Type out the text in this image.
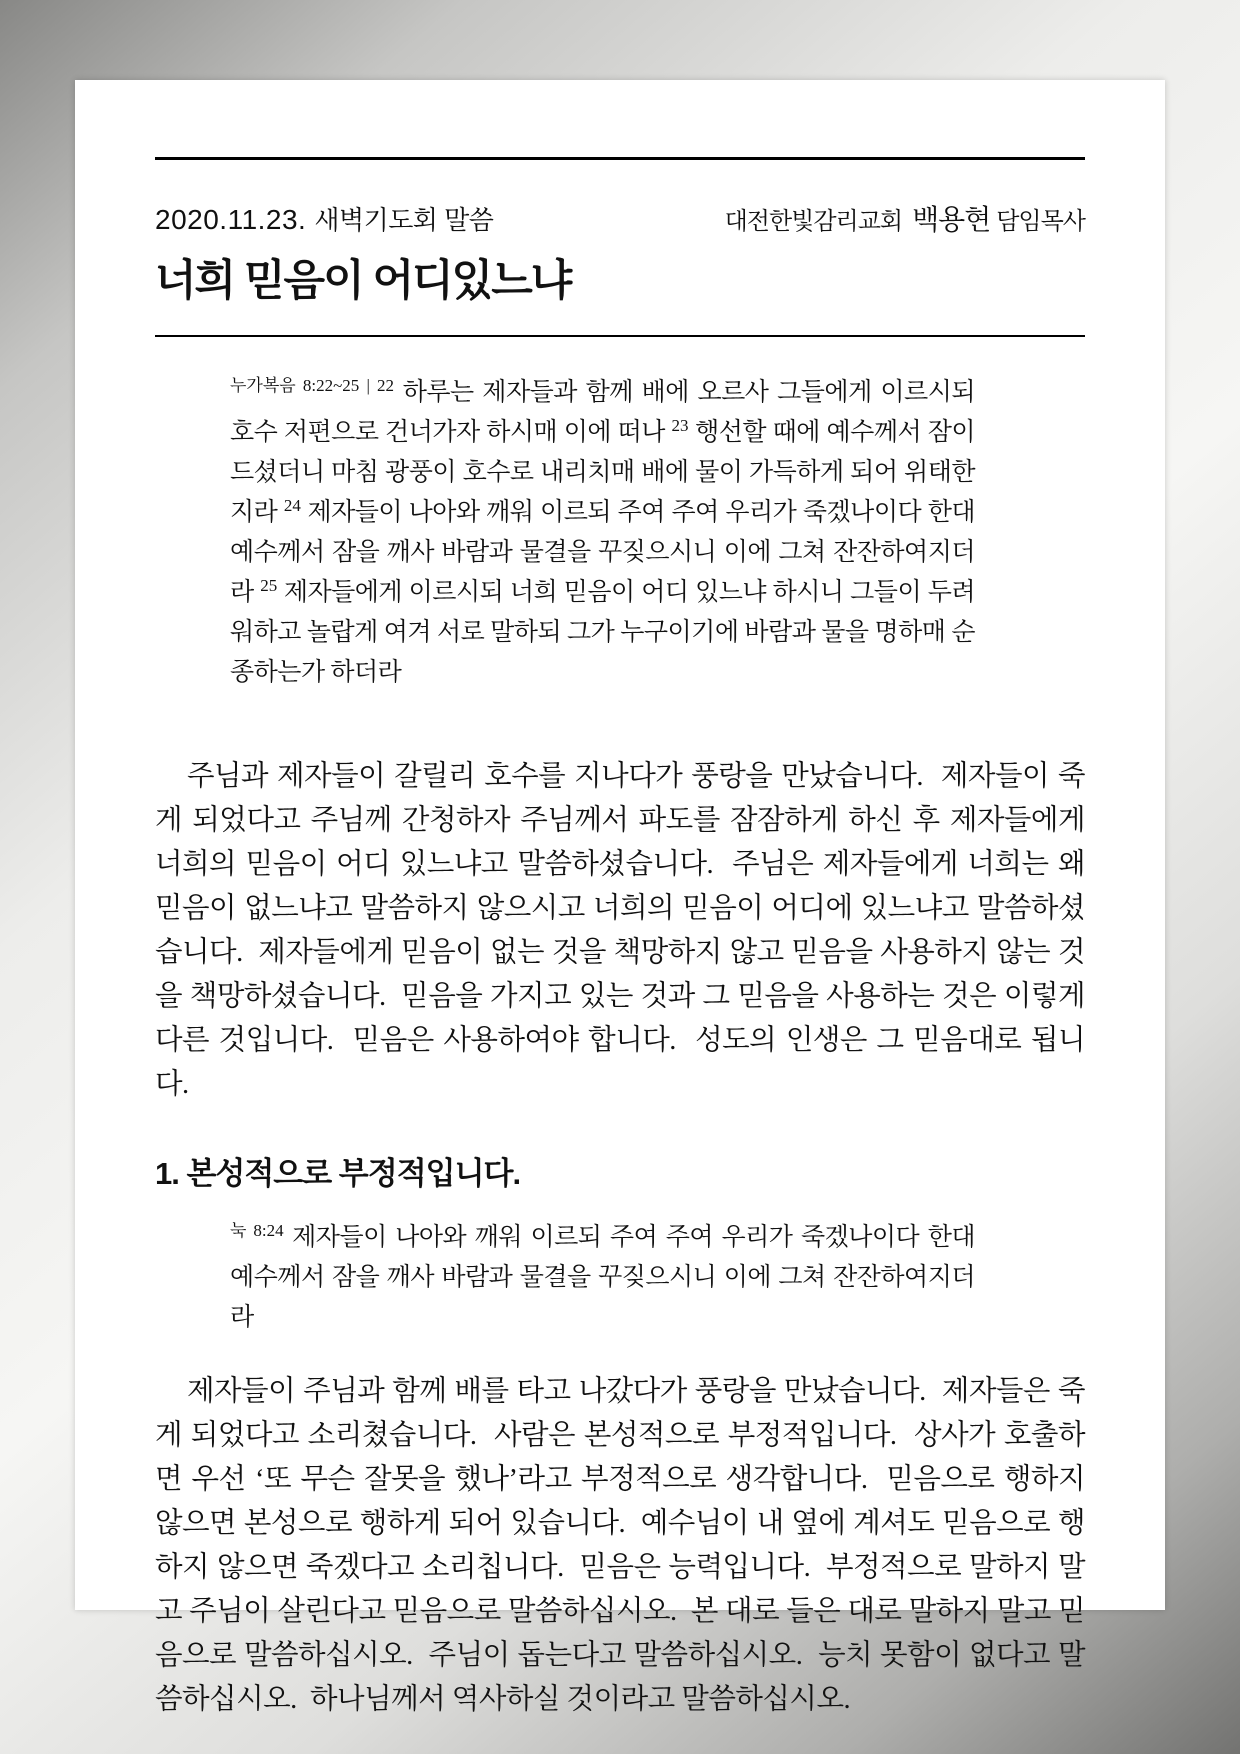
2020.11.23. 새벽기도회 말씀	대전한빛감리교회 백용현 담임목사
너희 믿음이 어디있느냐
$^{누가복음 8:22\sim 25 | 22}$ 하루는 제자들과 함께 배에 오르사 그들에게 이르시되 호수 저편으로 건너가자 하시매 이에 떠나 $^{23}$ 행선할 때에 예수께서 잠이 드셨더니 마침 광풍이 호수로 내리치매 배에 물이 가득하게 되어 위태한지라 $^{24}$ 제자들이 나아와 깨워 이르되 주여 주여 우리가 죽겠나이다 한대 예수께서 잠을 깨사 바람과 물결을 꾸짖으시니 이에 그쳐 잔잔하여지더라 $^{25}$ 제자들에게 이르시되 너희 믿음이 어디 있느냐 하시니 그들이 두려워하고 놀랍게 여겨 서로 말하되 그가 누구이기에 바람과 물을 명하매 순종하는가 하더라

주님과 제자들이 갈릴리 호수를 지나다가 풍랑을 만났습니다.  제자들이 죽게 되었다고 주님께 간청하자 주님께서 파도를 잠잠하게 하신 후 제자들에게 너희의 믿음이 어디 있느냐고 말씀하셨습니다.  주님은 제자들에게 너희는 왜 믿음이 없느냐고 말씀하지 않으시고 너희의 믿음이 어디에 있느냐고 말씀하셨습니다.  제자들에게 믿음이 없는 것을 책망하지 않고 믿음을 사용하지 않는 것을 책망하셨습니다.  믿음을 가지고 있는 것과 그 믿음을 사용하는 것은 이렇게 다른 것입니다.  믿음은 사용하여야 합니다.  성도의 인생은 그 믿음대로 됩니다.

1. 본성적으로 부정적입니다.
$^{눅 8:24}$ 제자들이 나아와 깨워 이르되 주여 주여 우리가 죽겠나이다 한대 예수께서 잠을 깨사 바람과 물결을 꾸짖으시니 이에 그쳐 잔잔하여지더라

제자들이 주님과 함께 배를 타고 나갔다가 풍랑을 만났습니다.  제자들은 죽게 되었다고 소리쳤습니다.  사람은 본성적으로 부정적입니다.  상사가 호출하면 우선 ‘또 무슨 잘못을 했나’라고 부정적으로 생각합니다.  믿음으로 행하지 않으면 본성으로 행하게 되어 있습니다.  예수님이 내 옆에 계셔도 믿음으로 행하지 않으면 죽겠다고 소리칩니다.  믿음은 능력입니다.  부정적으로 말하지 말고 주님이 살린다고 믿음으로 말씀하십시오.  본 대로 들은 대로 말하지 말고 믿음으로 말씀하십시오.  주님이 돕는다고 말씀하십시오.  능치 못함이 없다고 말씀하십시오.  하나님께서 역사하실 것이라고 말씀하십시오.
